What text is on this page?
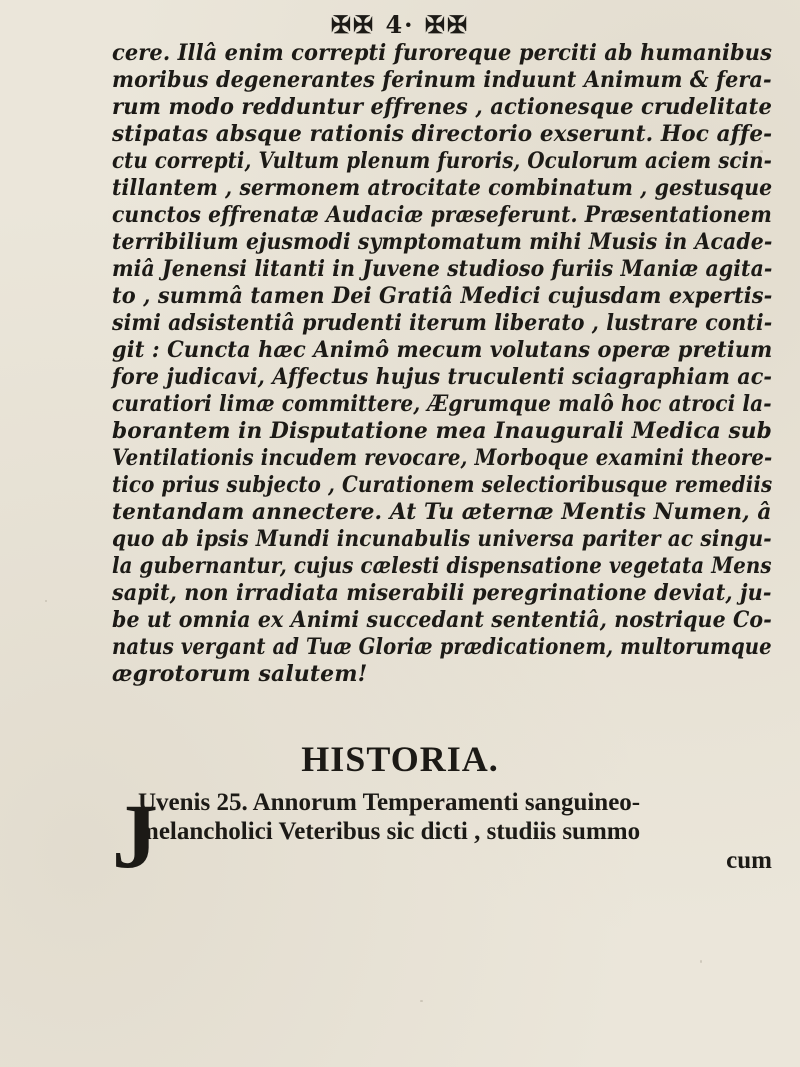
✠✠ 4· ✠✠
cere. Illâ enim correpti furoreque perciti ab humanibus
moribus degenerantes ferinum induunt Animum & fera-
rum modo redduntur effrenes , actionesque crudelitate
stipatas absque rationis directorio exserunt. Hoc affe-
ctu correpti, Vultum plenum furoris, Oculorum aciem scin-
tillantem , sermonem atrocitate combinatum , gestusque
cunctos effrenatæ Audaciæ præseferunt. Præsentationem
terribilium ejusmodi symptomatum mihi Musis in Acade-
miâ Jenensi litanti in Juvene studioso furiis Maniæ agita-
to , summâ tamen Dei Gratiâ Medici cujusdam expertis-
simi adsistentiâ prudenti iterum liberato , lustrare conti-
git : Cuncta hæc Animô mecum volutans operæ pretium
fore judicavi, Affectus hujus truculenti sciagraphiam ac-
curatiori limæ committere, Ægrumque malô hoc atroci la-
borantem in Disputatione mea Inaugurali Medica sub
Ventilationis incudem revocare, Morboque examini theore-
tico prius subjecto , Curationem selectioribusque remediis
tentandam annectere. At Tu æternæ Mentis Numen, â
quo ab ipsis Mundi incunabulis universa pariter ac singu-
la gubernantur, cujus cælesti dispensatione vegetata Mens
sapit, non irradiata miserabili peregrinatione deviat, ju-
be ut omnia ex Animi succedant sententiâ, nostrique Co-
natus vergant ad Tuæ Gloriæ prædicationem, multorumque
ægrotorum salutem!
HISTORIA.
J
Uvenis 25. Annorum Temperamenti sanguineo-
melancholici Veteribus sic dicti , studiis summo
cum
